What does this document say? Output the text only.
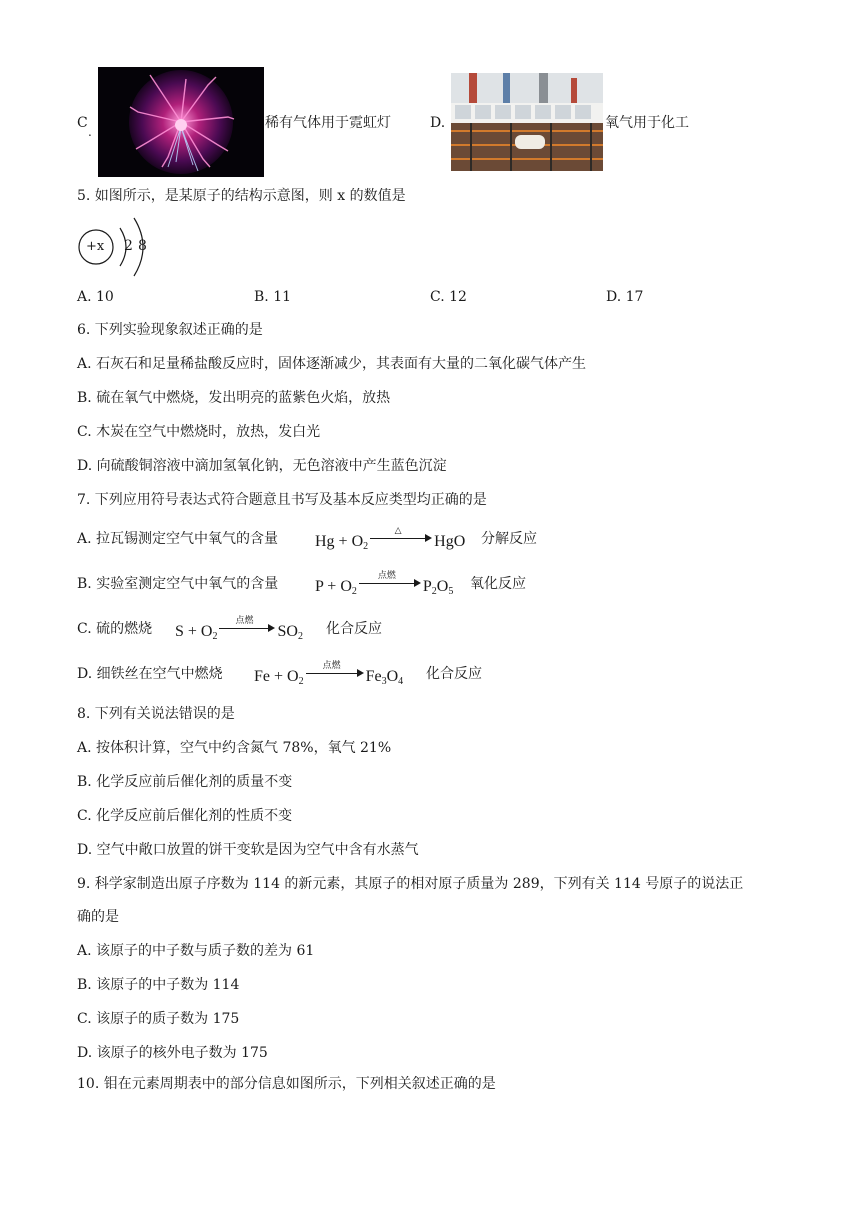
C
.
稀有气体用于霓虹灯	D.	氧气用于化工
5. 如图所示，是某原子的结构示意图，则 x 的数值是
+x 2 8
A. 10	B. 11	C. 12	D. 17
6. 下列实验现象叙述正确的是
A. 石灰石和足量稀盐酸反应时，固体逐渐减少，其表面有大量的二氧化碳气体产生
B. 硫在氧气中燃烧，发出明亮的蓝紫色火焰，放热
C. 木炭在空气中燃烧时，放热，发白光
D. 向硫酸铜溶液中滴加氢氧化钠，无色溶液中产生蓝色沉淀
7. 下列应用符号表达式符合题意且书写及基本反应类型均正确的是
A. 拉瓦锡测定空气中氧气的含量 $Hg + O_2$
△
HgO 分解反应
B. 实验室测定空气中氧气的含量 $P + O_2$
点燃
$P_2O_5$ 氧化反应
C. 硫的燃烧 $S + O_2$
点燃
$SO_2$ 化合反应
D. 细铁丝在空气中燃烧 $Fe + O_2$
点燃
$Fe_3O_4$ 化合反应
8. 下列有关说法错误的是
A. 按体积计算，空气中约含氮气 78%，氧气 21%
B. 化学反应前后催化剂的质量不变
C. 化学反应前后催化剂的性质不变
D. 空气中敞口放置的饼干变软是因为空气中含有水蒸气
9. 科学家制造出原子序数为 114 的新元素，其原子的相对原子质量为 289，下列有关 114 号原子的说法正
确的是
A. 该原子的中子数与质子数的差为 61
B. 该原子的中子数为 114
C. 该原子的质子数为 175
D. 该原子的核外电子数为 175
10. 钼在元素周期表中的部分信息如图所示，下列相关叙述正确的是
